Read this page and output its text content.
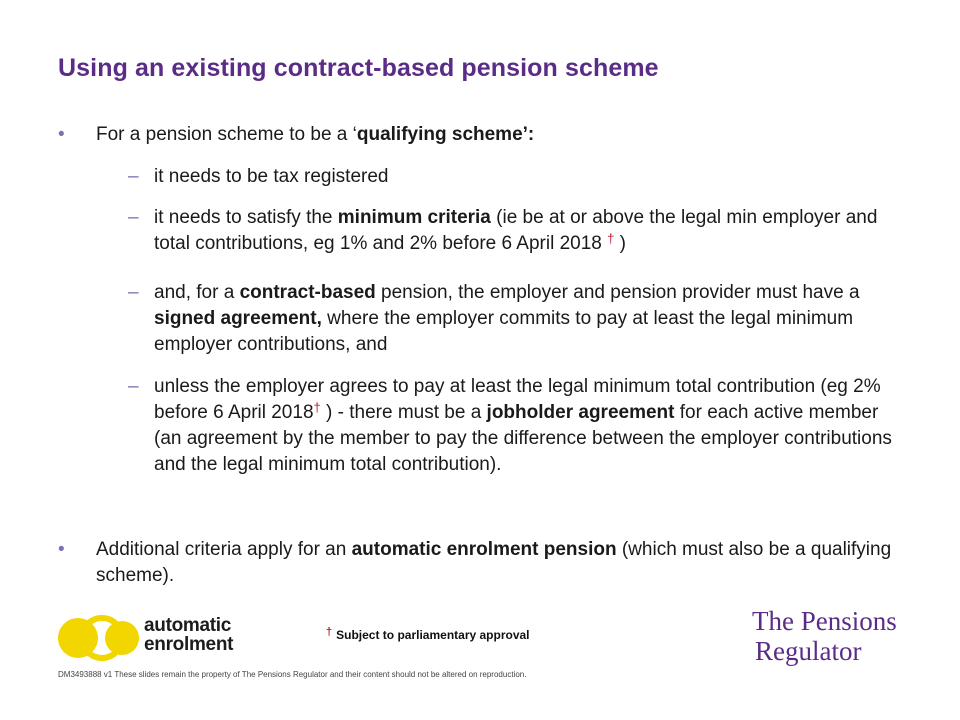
Using an existing contract-based pension scheme
• For a pension scheme to be a ‘qualifying scheme’:
– it needs to be tax registered
– it needs to satisfy the minimum criteria (ie be at or above the legal min employer and total contributions, eg 1% and 2% before 6 April 2018 † )
– and, for a contract-based pension, the employer and pension provider must have a signed agreement, where the employer commits to pay at least the legal minimum employer contributions, and
– unless the employer agrees to pay at least the legal minimum total contribution (eg 2% before 6 April 2018† ) - there must be a jobholder agreement for each active member (an agreement by the member to pay the difference between the employer contributions and the legal minimum total contribution).
• Additional criteria apply for an automatic enrolment pension (which must also be a qualifying scheme).
automatic
enrolment
† Subject to parliamentary approval	The Pensions
Regulator
DM3493888 v1 These slides remain the property of The Pensions Regulator and their content should not be altered on reproduction.
